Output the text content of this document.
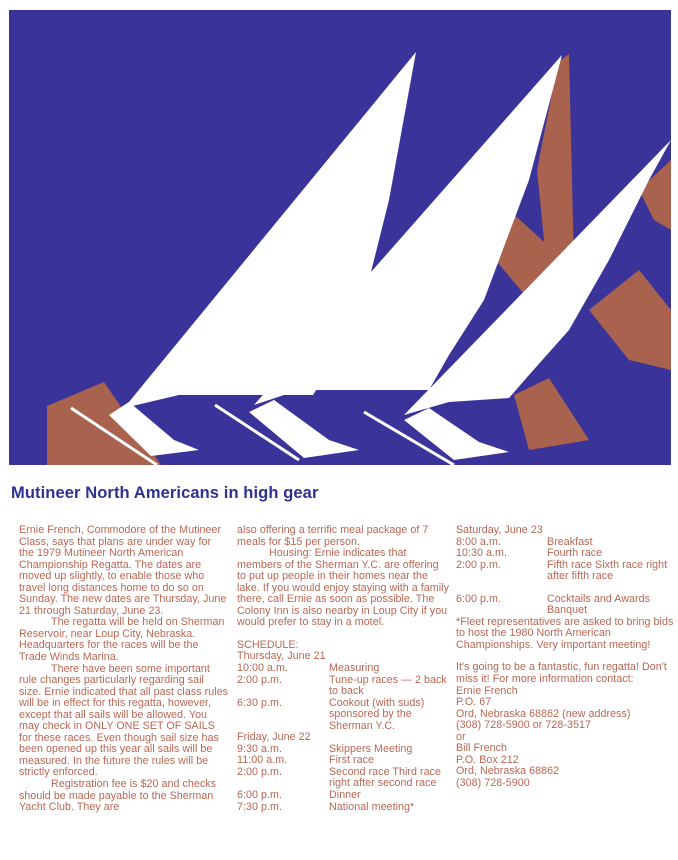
Mutineer North Americans in high gear

Ernie French, Commodore of the Mutineer Class, says that plans are under way for the 1979 Mutineer North American Championship Regatta. The dates are moved up slightly, to enable those who travel long distances home to do so on Sunday. The new dates are Thursday, June 21 through Saturday, June 23.

The regatta will be held on Sherman Reservoir, near Loup City, Nebraska. Headquarters for the races will be the Trade Winds Marina.

There have been some important rule changes particularly regarding sail size. Ernie indicated that all past class rules will be in effect for this regatta, however, except that all sails will be allowed. You may check in ONLY ONE SET OF SAILS for these races. Even though sail size has been opened up this year all sails will be measured. In the future the rules will be strictly enforced.

Registration fee is $20 and checks should be made payable to the Sherman Yacht Club. They are

also offering a terrific meal package of 7 meals for $15 per person.

Housing: Ernie indicates that members of the Sherman Y.C. are offering to put up people in their homes near the lake. If you would enjoy staying with a family there, call Ernie as soon as possible. The Colony Inn is also nearby in Loup City if you would prefer to stay in a motel.

SCHEDULE:

Thursday, June 21

10:00 a.m.	Measuring
2:00 p.m.	Tune-up races — 2 back to back
6:30 p.m.	Cookout (with suds) sponsored by the Sherman Y.C.

Friday, June 22

9:30 a.m.	Skippers Meeting
11:00 a.m.	First race
2:00 p.m.	Second race Third race right after second race
6:00 p.m.	Dinner
7:30 p.m.	National meeting*

Saturday, June 23

8:00 a.m.	Breakfast
10:30 a.m.	Fourth race
2:00 p.m.	Fifth race Sixth race right after fifth race
6:00 p.m.	Cocktails and Awards Banquet

*Fleet representatives are asked to bring bids to host the 1980 North American Championships. Very important meeting!

It's going to be a fantastic, fun regatta! Don't miss it! For more information contact:

Ernie French

P.O. 67

Ord, Nebraska 68862 (new address)

(308) 728-5900 or 728-3517

or

Bill French

P.O. Box 212

Ord, Nebraska 68862

(308) 728-5900
